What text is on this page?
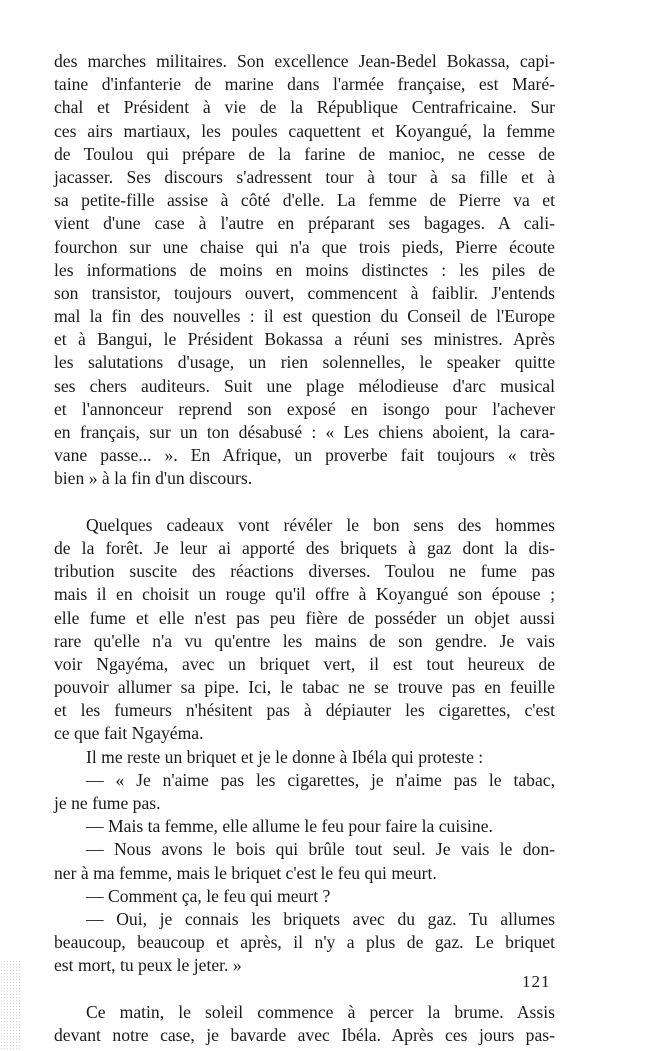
des marches militaires. Son excellence Jean-Bedel Bokassa, capi-
taine d'infanterie de marine dans l'armée française, est Maré-
chal et Président à vie de la République Centrafricaine. Sur
ces airs martiaux, les poules caquettent et Koyangué, la femme
de Toulou qui prépare de la farine de manioc, ne cesse de
jacasser. Ses discours s'adressent tour à tour à sa fille et à
sa petite-fille assise à côté d'elle. La femme de Pierre va et
vient d'une case à l'autre en préparant ses bagages. A cali-
fourchon sur une chaise qui n'a que trois pieds, Pierre écoute
les informations de moins en moins distinctes : les piles de
son transistor, toujours ouvert, commencent à faiblir. J'entends
mal la fin des nouvelles : il est question du Conseil de l'Europe
et à Bangui, le Président Bokassa a réuni ses ministres. Après
les salutations d'usage, un rien solennelles, le speaker quitte
ses chers auditeurs. Suit une plage mélodieuse d'arc musical
et l'annonceur reprend son exposé en isongo pour l'achever
en français, sur un ton désabusé : « Les chiens aboient, la cara-
vane passe... ». En Afrique, un proverbe fait toujours « très
bien » à la fin d'un discours.
Quelques cadeaux vont révéler le bon sens des hommes
de la forêt. Je leur ai apporté des briquets à gaz dont la dis-
tribution suscite des réactions diverses. Toulou ne fume pas
mais il en choisit un rouge qu'il offre à Koyangué son épouse ;
elle fume et elle n'est pas peu fière de posséder un objet aussi
rare qu'elle n'a vu qu'entre les mains de son gendre. Je vais
voir Ngayéma, avec un briquet vert, il est tout heureux de
pouvoir allumer sa pipe. Ici, le tabac ne se trouve pas en feuille
et les fumeurs n'hésitent pas à dépiauter les cigarettes, c'est
ce que fait Ngayéma.
Il me reste un briquet et je le donne à Ibéla qui proteste :
— « Je n'aime pas les cigarettes, je n'aime pas le tabac,
je ne fume pas.
— Mais ta femme, elle allume le feu pour faire la cuisine.
— Nous avons le bois qui brûle tout seul. Je vais le don-
ner à ma femme, mais le briquet c'est le feu qui meurt.
— Comment ça, le feu qui meurt ?
— Oui, je connais les briquets avec du gaz. Tu allumes
beaucoup, beaucoup et après, il n'y a plus de gaz. Le briquet
est mort, tu peux le jeter. »
Ce matin, le soleil commence à percer la brume. Assis
devant notre case, je bavarde avec Ibéla. Après ces jours pas-
121
